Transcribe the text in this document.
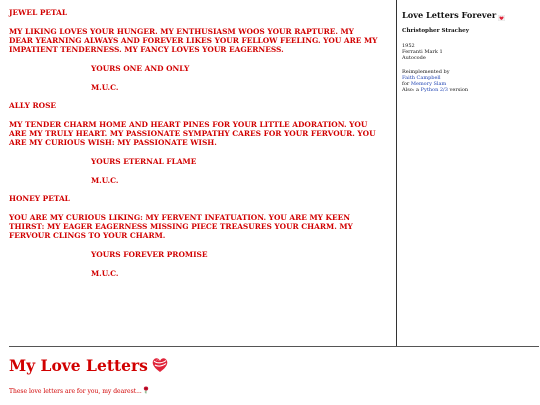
JEWEL PETAL

MY LIKING LOVES YOUR HUNGER. MY ENTHUSIASM WOOS YOUR RAPTURE. MY DEAR YEARNING ALWAYS AND FOREVER LIKES YOUR FELLOW FEELING. YOU ARE MY IMPATIENT TENDERNESS. MY FANCY LOVES YOUR EAGERNESS.

YOURS ONE AND ONLY

M.U.C.

ALLY ROSE

MY TENDER CHARM HOME AND HEART PINES FOR YOUR LITTLE ADORATION. YOU ARE MY TRULY HEART. MY PASSIONATE SYMPATHY CARES FOR YOUR FERVOUR. YOU ARE MY CURIOUS WISH: MY PASSIONATE WISH.

YOURS ETERNAL FLAME

M.U.C.

HONEY PETAL

YOU ARE MY CURIOUS LIKING: MY FERVENT INFATUATION. YOU ARE MY KEEN THIRST: MY EAGER EAGERNESS MISSING PIECE TREASURES YOUR CHARM. MY FERVOUR CLINGS TO YOUR CHARM.

YOURS FOREVER PROMISE

M.U.C.

Love Letters Forever

Christopher Strachey

1952
Ferranti Mark 1
Autocode
Reimplemented by
Faith Campbell
for Memory Slam
Also: a Python 2/3 version
My Love Letters

These love letters are for you, my dearest...
